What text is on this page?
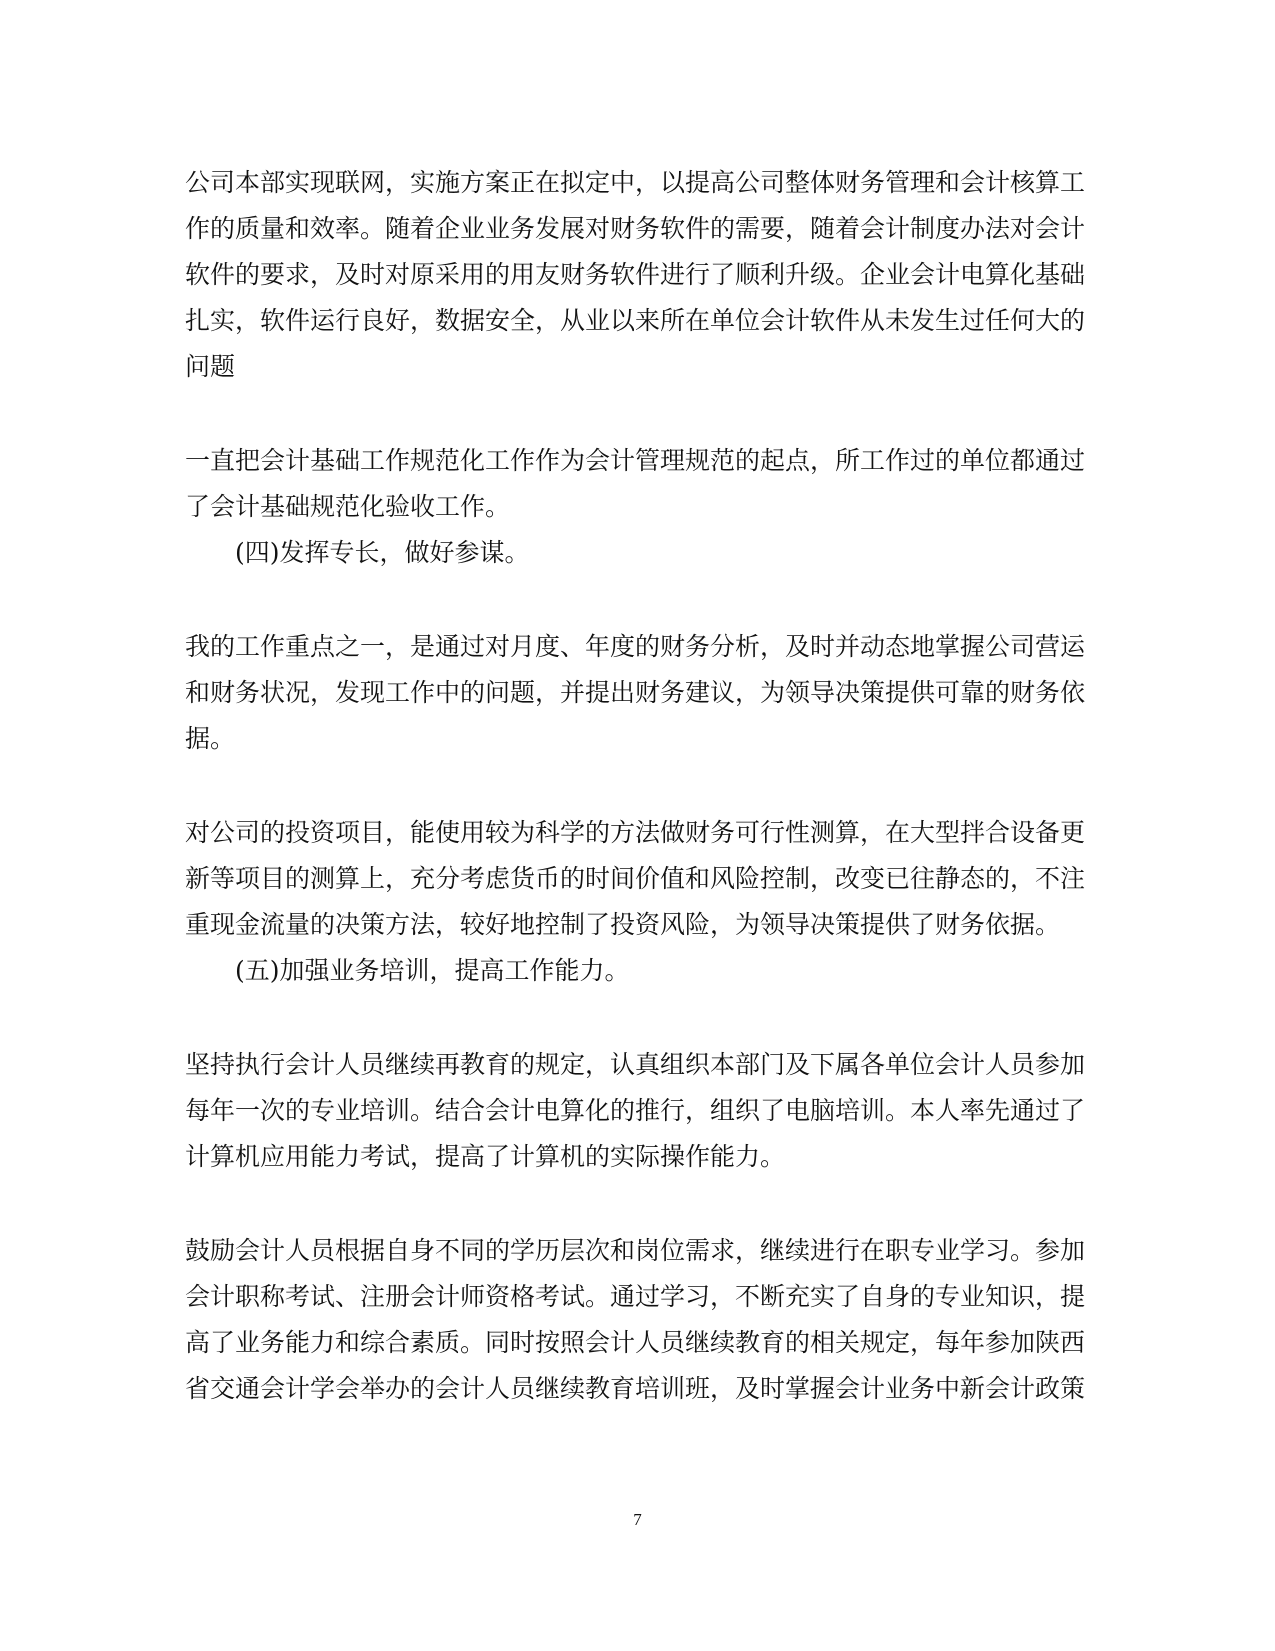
公司本部实现联网，实施方案正在拟定中，以提高公司整体财务管理和会计核算工作的质量和效率。随着企业业务发展对财务软件的需要，随着会计制度办法对会计软件的要求，及时对原采用的用友财务软件进行了顺利升级。企业会计电算化基础扎实，软件运行良好，数据安全，从业以来所在单位会计软件从未发生过任何大的问题

一直把会计基础工作规范化工作作为会计管理规范的起点，所工作过的单位都通过了会计基础规范化验收工作。

(四)发挥专长，做好参谋。

我的工作重点之一，是通过对月度、年度的财务分析，及时并动态地掌握公司营运和财务状况，发现工作中的问题，并提出财务建议，为领导决策提供可靠的财务依据。

对公司的投资项目，能使用较为科学的方法做财务可行性测算，在大型拌合设备更新等项目的测算上，充分考虑货币的时间价值和风险控制，改变已往静态的，不注重现金流量的决策方法，较好地控制了投资风险，为领导决策提供了财务依据。

(五)加强业务培训，提高工作能力。

坚持执行会计人员继续再教育的规定，认真组织本部门及下属各单位会计人员参加每年一次的专业培训。结合会计电算化的推行，组织了电脑培训。本人率先通过了计算机应用能力考试，提高了计算机的实际操作能力。

鼓励会计人员根据自身不同的学历层次和岗位需求，继续进行在职专业学习。参加会计职称考试、注册会计师资格考试。通过学习，不断充实了自身的专业知识，提高了业务能力和综合素质。同时按照会计人员继续教育的相关规定，每年参加陕西省交通会计学会举办的会计人员继续教育培训班，及时掌握会计业务中新会计政策

7
